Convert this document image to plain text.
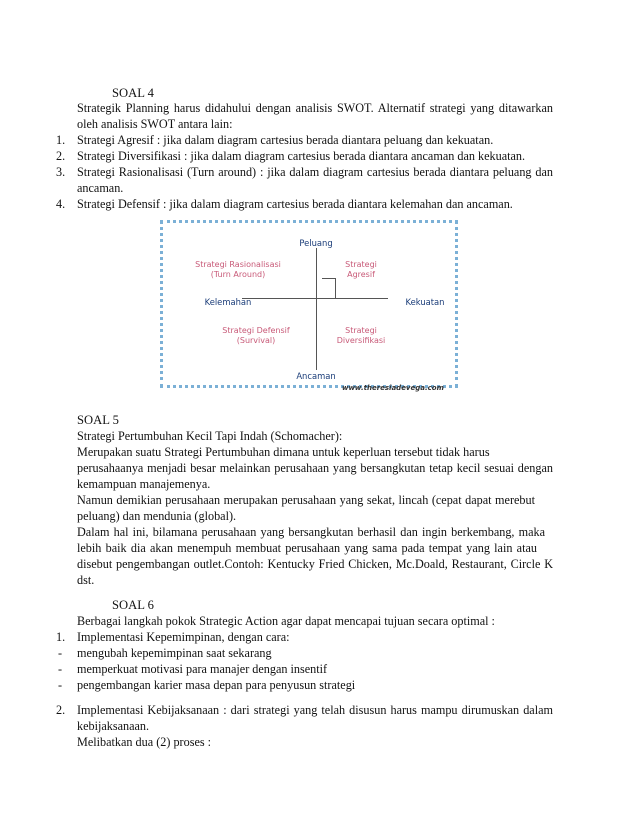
SOAL 4
Strategik Planning harus didahului dengan analisis SWOT. Alternatif strategi yang ditawarkan
oleh analisis SWOT antara lain:
1. Strategi Agresif : jika dalam diagram cartesius berada diantara peluang dan kekuatan.
2. Strategi Diversifikasi : jika dalam diagram cartesius berada diantara ancaman dan kekuatan.
3. Strategi Rasionalisasi (Turn around) : jika dalam diagram cartesius berada diantara peluang dan
ancaman.
4. Strategi Defensif : jika dalam diagram cartesius berada diantara kelemahan dan ancaman.
Peluang
Ancaman
Kelemahan	Kekuatan
Strategi Rasionalisasi
(Turn Around)
Strategi
Agresif
Strategi Defensif
(Survival)
Strategi
Diversifikasi
www.theresiadevega.com
SOAL 5
Strategi Pertumbuhan Kecil Tapi Indah (Schomacher):
Merupakan suatu Strategi Pertumbuhan dimana untuk keperluan tersebut tidak harus
perusahaanya menjadi besar melainkan perusahaan yang bersangkutan tetap kecil sesuai dengan
kemampuan manajemenya.
Namun demikian perusahaan merupakan perusahaan yang sekat, lincah (cepat dapat merebut
peluang) dan mendunia (global).
Dalam hal ini, bilamana perusahaan yang bersangkutan berhasil dan ingin berkembang, maka
lebih baik dia akan menempuh membuat perusahaan yang sama pada tempat yang lain atau
disebut pengembangan outlet.Contoh: Kentucky Fried Chicken, Mc.Doald, Restaurant, Circle K
dst.
SOAL 6
Berbagai langkah pokok Strategic Action agar dapat mencapai tujuan secara optimal :
1. Implementasi Kepemimpinan, dengan cara:
- mengubah kepemimpinan saat sekarang
- memperkuat motivasi para manajer dengan insentif
- pengembangan karier masa depan para penyusun strategi
2. Implementasi Kebijaksanaan : dari strategi yang telah disusun harus mampu dirumuskan dalam
kebijaksanaan.
Melibatkan dua (2) proses :
